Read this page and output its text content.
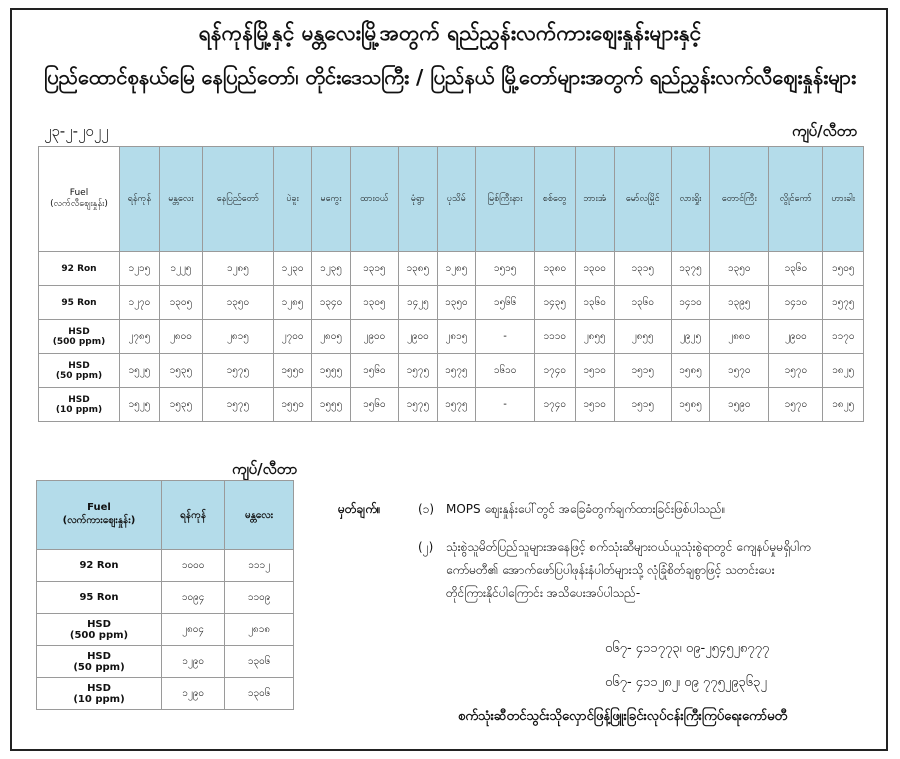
ရန်ကုန်မြို့နှင့် မန္တလေးမြို့အတွက် ရည်ညွှန်းလက်ကားဈေးနှုန်းများနှင့်
ပြည်ထောင်စုနယ်မြေ နေပြည်တော်၊ တိုင်းဒေသကြီး / ပြည်နယ် မြို့တော်များအတွက် ရည်ညွှန်းလက်လီဈေးနှုန်းများ
၂၃-၂-၂၀၂၂	ကျပ်/လီတာ
Fuel
(လက်လီဈေးနှုန်း)	ရန်ကုန်	မန္တလေး	နေပြည်တော်	ပဲခူး	မကွေး	ထားဝယ်	မုံရွာ	ပုသိမ်	မြစ်ကြီးနား	စစ်တွေ	ဘားအံ	မော်လမြိုင်	လားရှိုး	တောင်ကြီး	လွိုင်ကော်	ဟားခါး
92 Ron	၁၂၁၅	၁၂၂၅	၁၂၈၅	၁၂၃၀	၁၂၃၅	၁၃၁၅	၁၃၈၅	၁၂၈၅	၁၅၁၅	၁၃၈၀	၁၃၀၀	၁၃၁၅	၁၃၇၅	၁၃၅၀	၁၃၆၀	၁၅၀၅
95 Ron	၁၂၇၀	၁၃၀၅	၁၃၅၀	၁၂၈၅	၁၃၄၀	၁၃၀၅	၁၄၂၅	၁၃၅၀	၁၅၆၆	၁၄၃၅	၁၃၆၀	၁၃၆၀	၁၄၁၀	၁၃၉၅	၁၄၁၀	၁၅၇၅
HSD
(500 ppm)	၂၇၈၅	၂၈၀၀	၂၈၁၅	၂၇၀၀	၂၈၀၅	၂၉၀၀	၂၉၀၀	၂၈၁၅	-	၁၁၁၀	၂၈၅၅	၂၈၅၅	၂၉၂၅	၂၈၈၀	၂၉၀၀	၁၁၇၀
HSD
(50 ppm)	၁၅၂၅	၁၅၃၅	၁၅၇၅	၁၅၅၀	၁၅၅၅	၁၅၆၀	၁၅၇၅	၁၅၇၅	၁၆၁၀	၁၇၄၀	၁၅၁၀	၁၅၁၅	၁၅၈၅	၁၅၇၀	၁၅၇၀	၁၈၂၅
HSD
(10 ppm)	၁၅၂၅	၁၅၃၅	၁၅၇၅	၁၅၅၀	၁၅၅၅	၁၅၆၀	၁၅၇၅	၁၅၇၅	-	၁၇၄၀	၁၅၁၀	၁၅၁၅	၁၅၈၅	၁၅၉၀	၁၅၇၀	၁၈၂၅
ကျပ်/လီတာ
Fuel
(လက်ကားဈေးနှုန်း)	ရန်ကုန်	မန္တလေး
92 Ron	၁၀၀၀	၁၁၁၂
95 Ron	၁၀၉၄	၁၁၀၉
HSD
(500 ppm)	၂၈၀၄	၂၈၁၈
HSD
(50 ppm)	၁၂၉၀	၁၃၀၆
HSD
(10 ppm)	၁၂၉၀	၁၃၀၆
မှတ်ချက်။	(၁) MOPS ဈေးနှုန်းပေါ်တွင် အခြေခံတွက်ချက်ထားခြင်းဖြစ်ပါသည်။
(၂) သုံးစွဲသူမိတ်ပြည်သူများအနေဖြင့် စက်သုံးဆီများဝယ်ယူသုံးစွဲရာတွင် ကျေနပ်မှုမရှိပါက
ကော်မတီ၏ အောက်ဖော်ပြပါဖုန်းနံပါတ်များသို့ လုံခြုံစိတ်ချစွာဖြင့် သတင်းပေး
တိုင်ကြားနိုင်ပါကြောင်း အသိပေးအပ်ပါသည်-
၀၆၇- ၄၁၁၇၇၃၊ ၀၉-၂၅၄၅၂၈၇၇၇
၀၆၇- ၄၁၁၂၈၂၊ ၀၉ ၇၇၅၂၉၃၆၃၂
စက်သုံးဆီတင်သွင်းသိုလှောင်ဖြန့်ဖြူးခြင်းလုပ်ငန်းကြီးကြပ်ရေးကော်မတီ
